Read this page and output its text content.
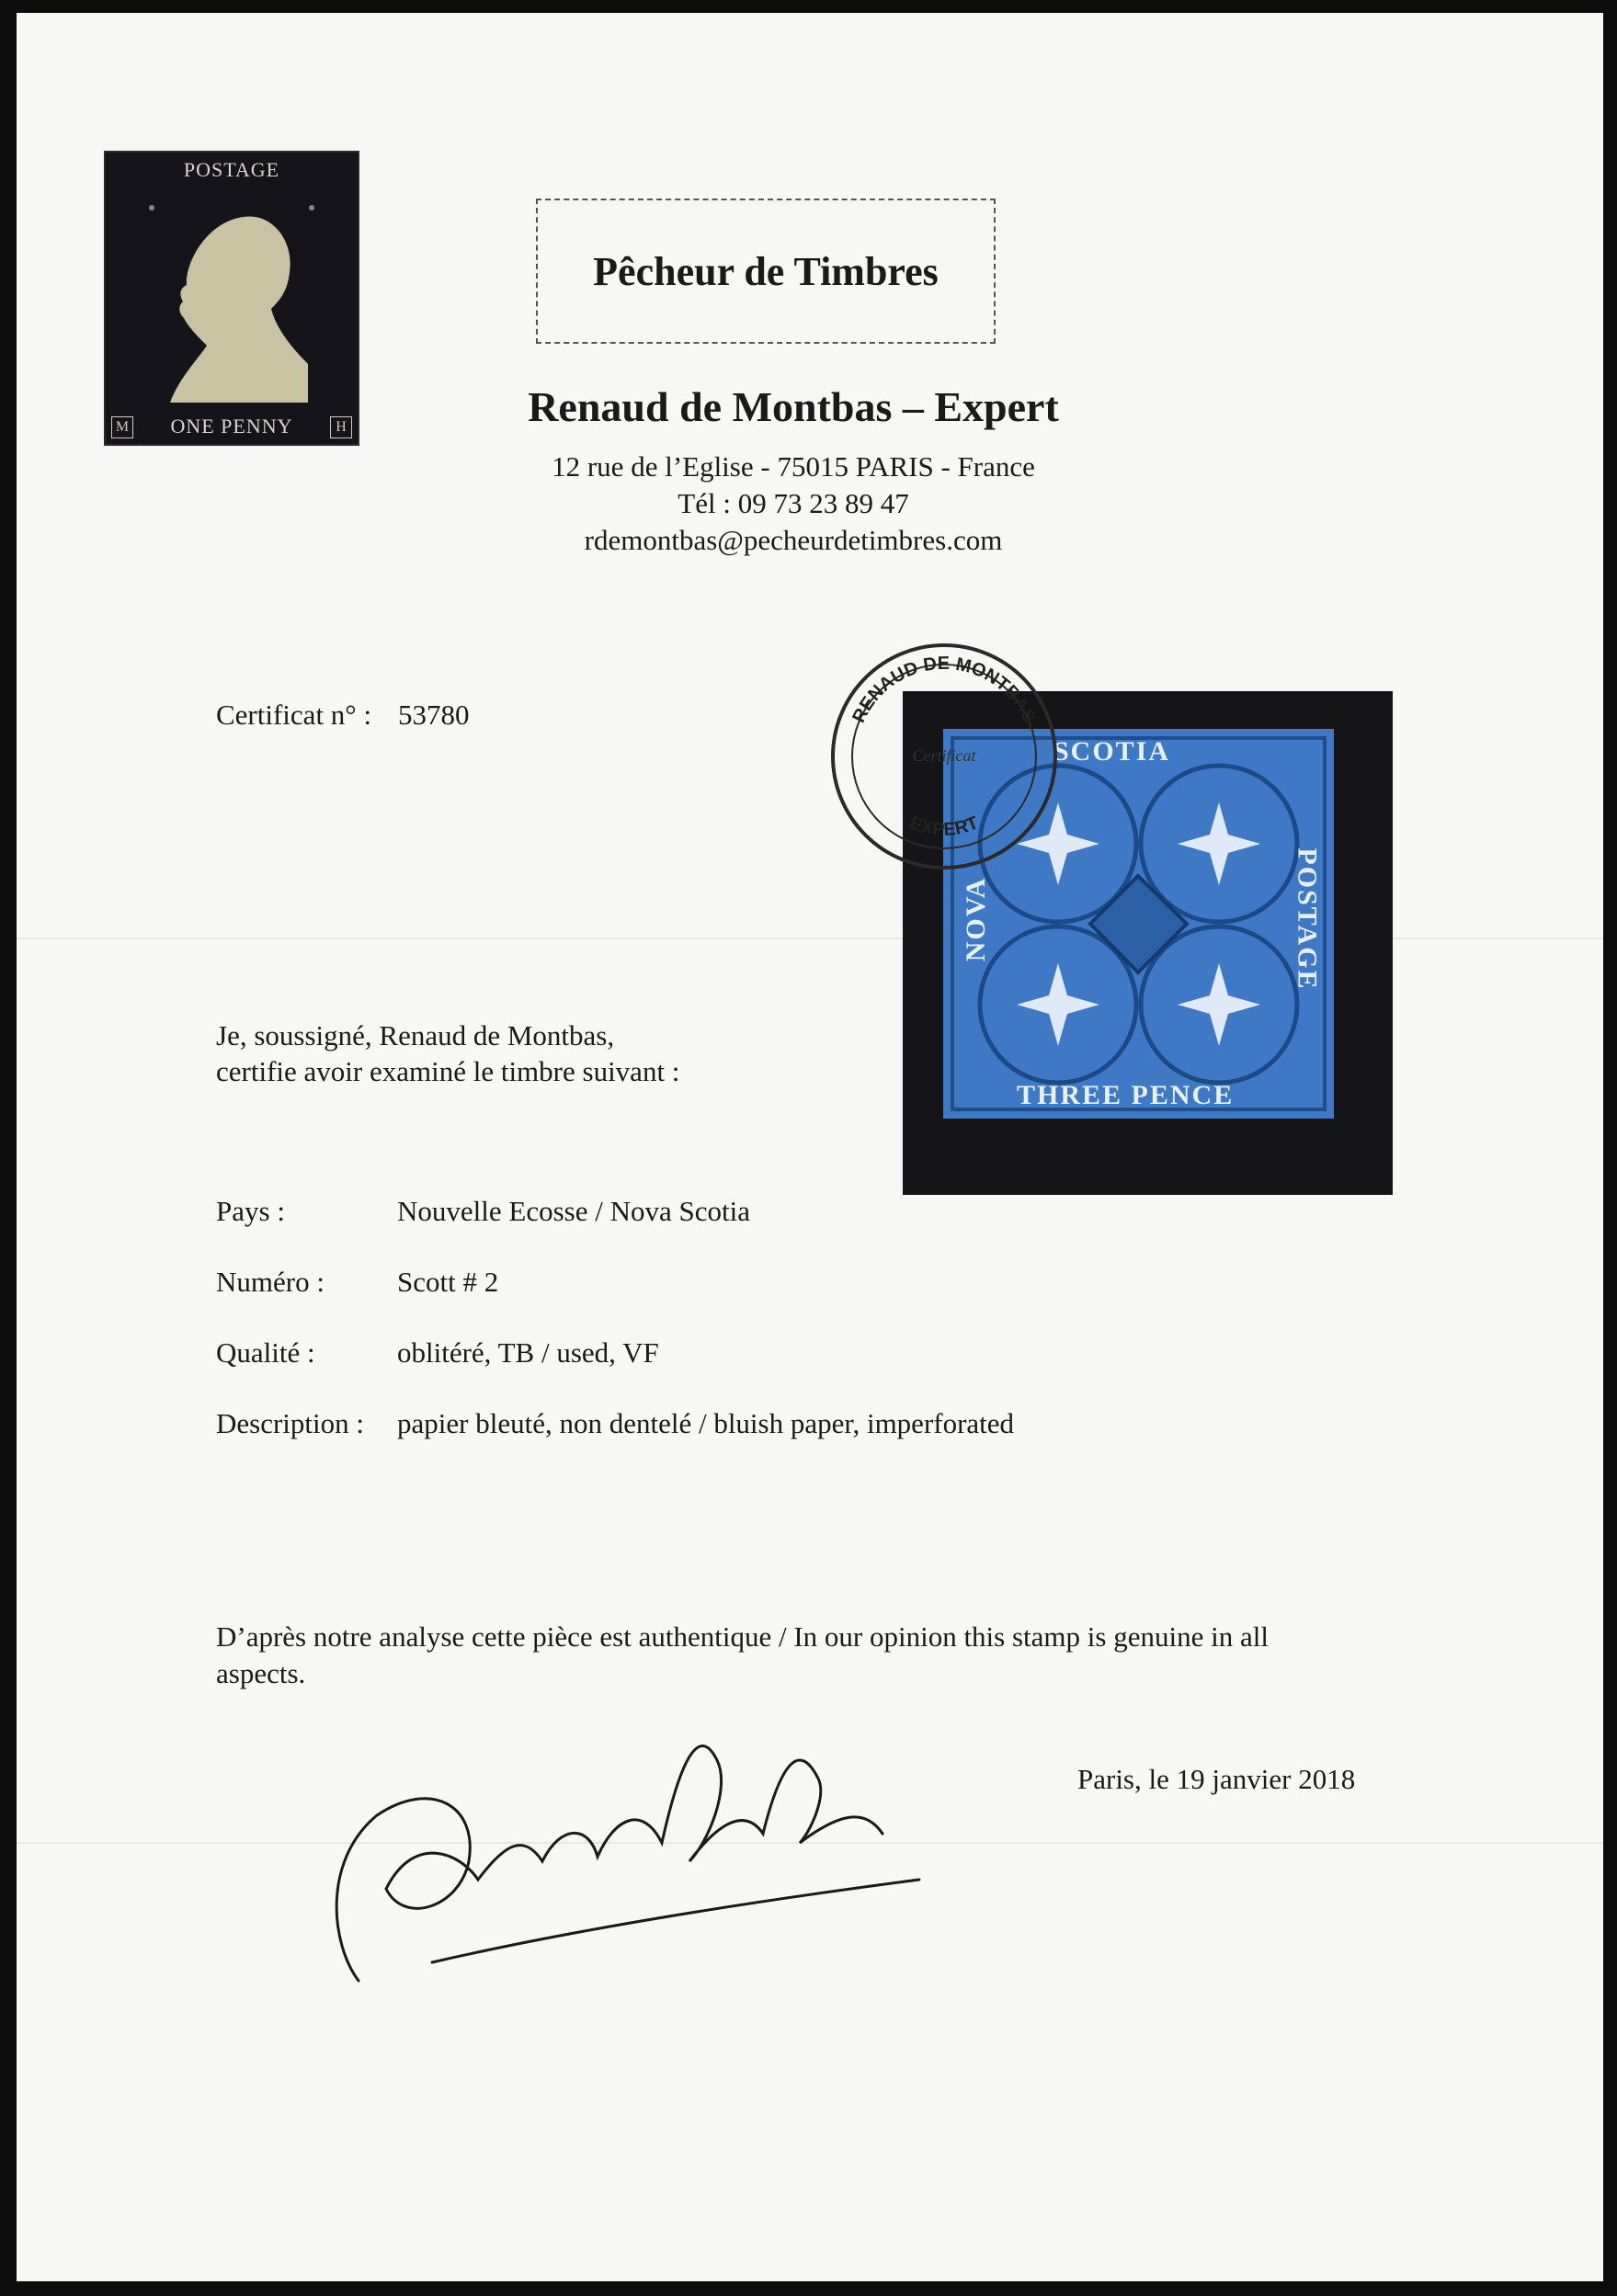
POSTAGE
ONE PENNY
M	H
Pêcheur de Timbres
Renaud de Montbas – Expert
12 rue de l’Eglise - 75015 PARIS - France
Tél : 09 73 23 89 47
rdemontbas@pecheurdetimbres.com
Certificat n° : 53780
Je, soussigné, Renaud de Montbas,
certifie avoir examiné le timbre suivant :
Pays :	Nouvelle Ecosse / Nova Scotia
Numéro :	Scott # 2
Qualité :	oblitéré, TB / used, VF
Description : papier bleuté, non dentelé / bluish paper, imperforated
D’après notre analyse cette pièce est authentique / In our opinion this stamp is genuine in all
aspects.
Paris, le 19 janvier 2018
SCOTIA
THREE PENCE
POSTAGE
NOVA
RENAUD DE MONTBAS
EXPERT
Certificat
